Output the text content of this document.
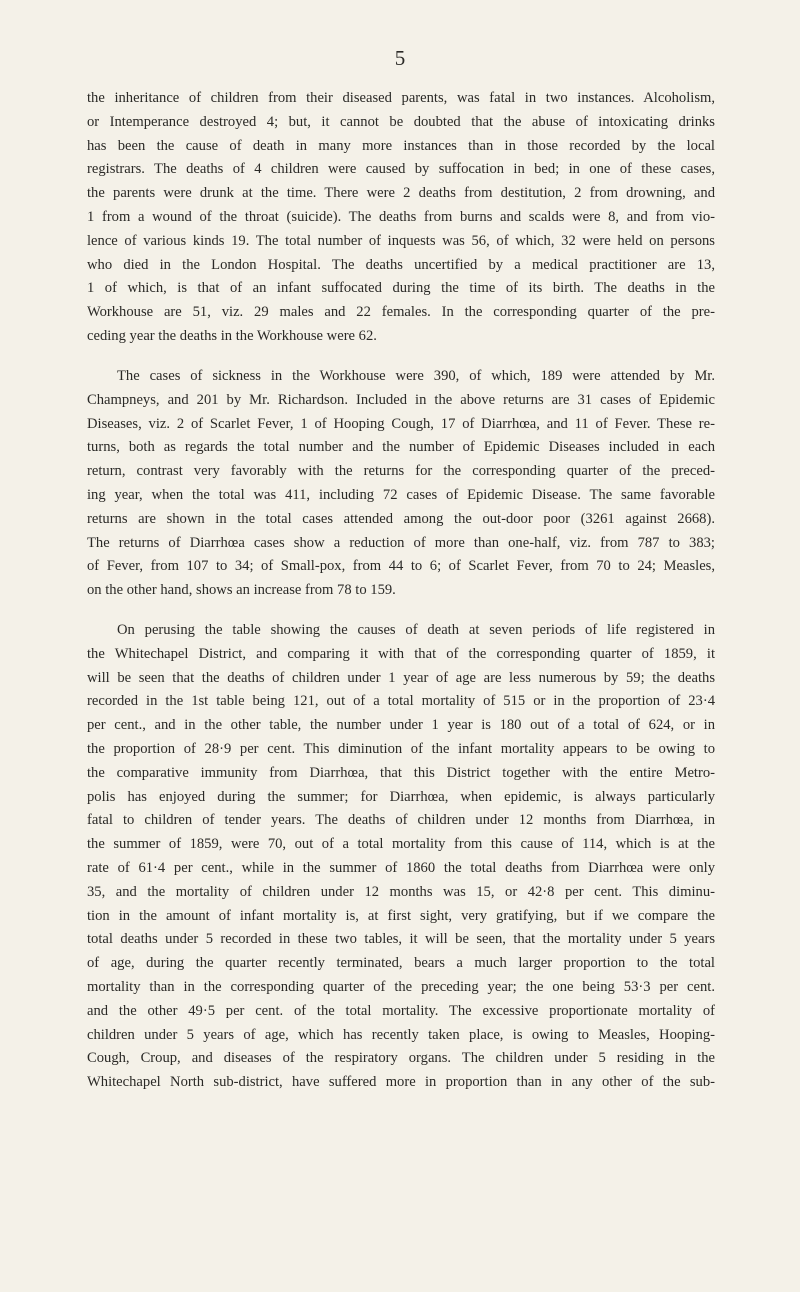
5
the inheritance of children from their diseased parents, was fatal in two instances. Alcoholism,
or Intemperance destroyed 4; but, it cannot be doubted that the abuse of intoxicating drinks
has been the cause of death in many more instances than in those recorded by the local
registrars. The deaths of 4 children were caused by suffocation in bed; in one of these cases,
the parents were drunk at the time. There were 2 deaths from destitution, 2 from drowning, and
1 from a wound of the throat (suicide). The deaths from burns and scalds were 8, and from vio-
lence of various kinds 19. The total number of inquests was 56, of which, 32 were held on persons
who died in the London Hospital. The deaths uncertified by a medical practitioner are 13,
1 of which, is that of an infant suffocated during the time of its birth. The deaths in the
Workhouse are 51, viz. 29 males and 22 females. In the corresponding quarter of the pre-
ceding year the deaths in the Workhouse were 62.
The cases of sickness in the Workhouse were 390, of which, 189 were attended by Mr.
Champneys, and 201 by Mr. Richardson. Included in the above returns are 31 cases of Epidemic
Diseases, viz. 2 of Scarlet Fever, 1 of Hooping Cough, 17 of Diarrhœa, and 11 of Fever. These re-
turns, both as regards the total number and the number of Epidemic Diseases included in each
return, contrast very favorably with the returns for the corresponding quarter of the preced-
ing year, when the total was 411, including 72 cases of Epidemic Disease. The same favorable
returns are shown in the total cases attended among the out-door poor (3261 against 2668).
The returns of Diarrhœa cases show a reduction of more than one-half, viz. from 787 to 383;
of Fever, from 107 to 34; of Small-pox, from 44 to 6; of Scarlet Fever, from 70 to 24; Measles,
on the other hand, shows an increase from 78 to 159.
On perusing the table showing the causes of death at seven periods of life registered in
the Whitechapel District, and comparing it with that of the corresponding quarter of 1859, it
will be seen that the deaths of children under 1 year of age are less numerous by 59; the deaths
recorded in the 1st table being 121, out of a total mortality of 515 or in the proportion of 23·4
per cent., and in the other table, the number under 1 year is 180 out of a total of 624, or in
the proportion of 28·9 per cent. This diminution of the infant mortality appears to be owing to
the comparative immunity from Diarrhœa, that this District together with the entire Metro-
polis has enjoyed during the summer; for Diarrhœa, when epidemic, is always particularly
fatal to children of tender years. The deaths of children under 12 months from Diarrhœa, in
the summer of 1859, were 70, out of a total mortality from this cause of 114, which is at the
rate of 61·4 per cent., while in the summer of 1860 the total deaths from Diarrhœa were only
35, and the mortality of children under 12 months was 15, or 42·8 per cent. This diminu-
tion in the amount of infant mortality is, at first sight, very gratifying, but if we compare the
total deaths under 5 recorded in these two tables, it will be seen, that the mortality under 5 years
of age, during the quarter recently terminated, bears a much larger proportion to the total
mortality than in the corresponding quarter of the preceding year; the one being 53·3 per cent.
and the other 49·5 per cent. of the total mortality. The excessive proportionate mortality of
children under 5 years of age, which has recently taken place, is owing to Measles, Hooping-
Cough, Croup, and diseases of the respiratory organs. The children under 5 residing in the
Whitechapel North sub-district, have suffered more in proportion than in any other of the sub-
